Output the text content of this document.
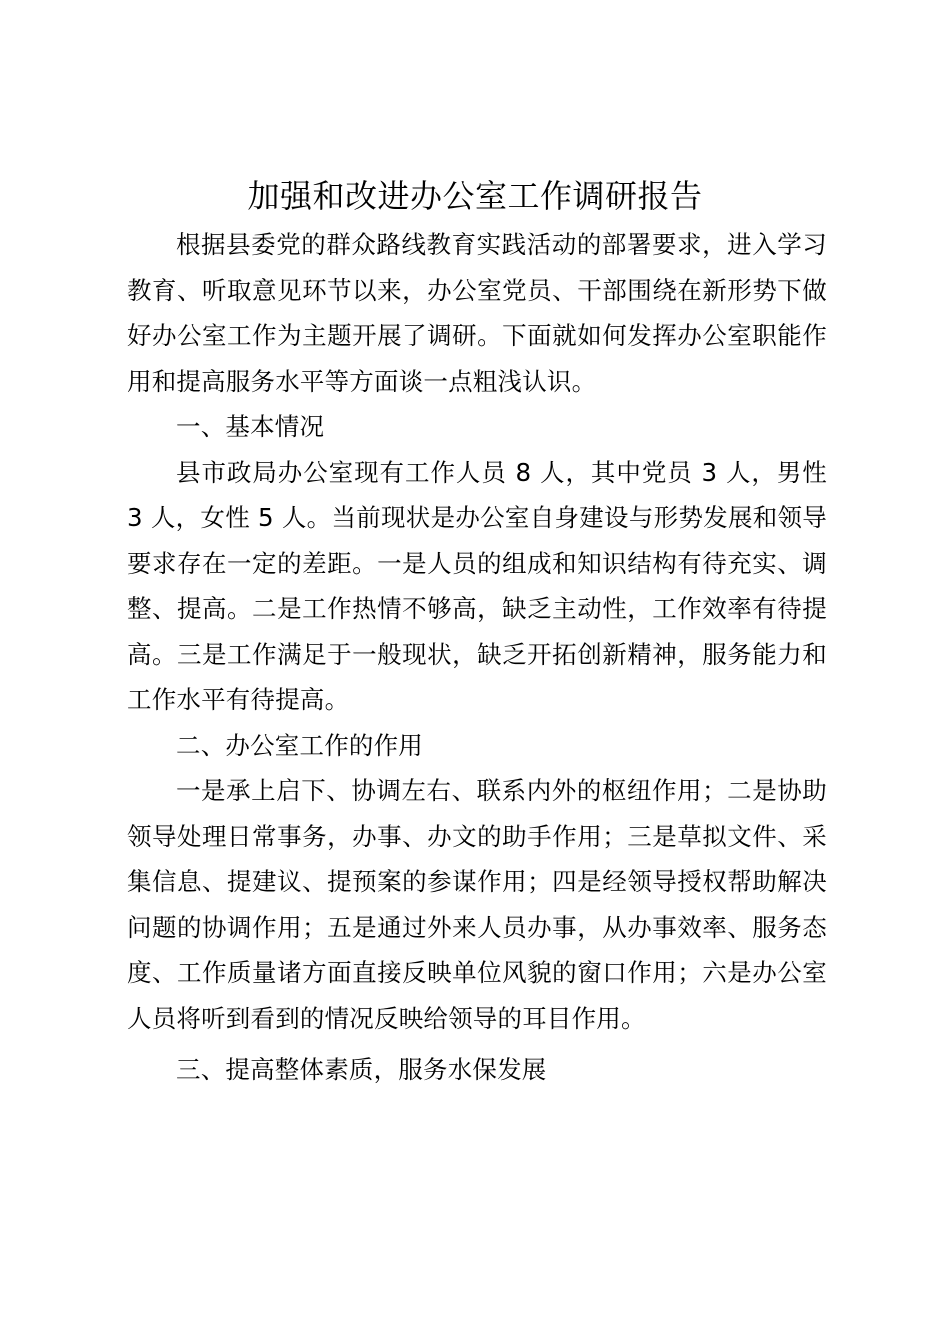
加强和改进办公室工作调研报告

根据县委党的群众路线教育实践活动的部署要求，进入学习教育、听取意见环节以来，办公室党员、干部围绕在新形势下做好办公室工作为主题开展了调研。下面就如何发挥办公室职能作用和提高服务水平等方面谈一点粗浅认识。

一、基本情况

县市政局办公室现有工作人员 8 人，其中党员 3 人，男性 3 人，女性 5 人。当前现状是办公室自身建设与形势发展和领导要求存在一定的差距。一是人员的组成和知识结构有待充实、调整、提高。二是工作热情不够高，缺乏主动性，工作效率有待提高。三是工作满足于一般现状，缺乏开拓创新精神，服务能力和工作水平有待提高。

二、办公室工作的作用

一是承上启下、协调左右、联系内外的枢纽作用；二是协助领导处理日常事务，办事、办文的助手作用；三是草拟文件、采集信息、提建议、提预案的参谋作用；四是经领导授权帮助解决问题的协调作用；五是通过外来人员办事，从办事效率、服务态度、工作质量诸方面直接反映单位风貌的窗口作用；六是办公室人员将听到看到的情况反映给领导的耳目作用。

三、提高整体素质，服务水保发展
